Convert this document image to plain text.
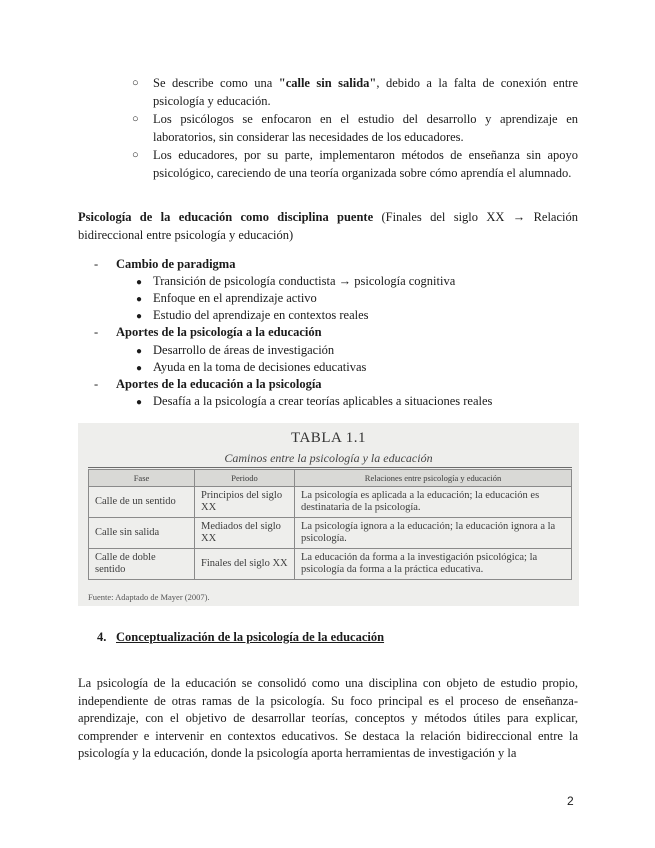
○ Se describe como una "calle sin salida", debido a la falta de conexión entre psicología y educación.
○ Los psicólogos se enfocaron en el estudio del desarrollo y aprendizaje en laboratorios, sin considerar las necesidades de los educadores.
○ Los educadores, por su parte, implementaron métodos de enseñanza sin apoyo psicológico, careciendo de una teoría organizada sobre cómo aprendía el alumnado.
Psicología de la educación como disciplina puente (Finales del siglo XX → Relación bidireccional entre psicología y educación)
- Cambio de paradigma
● Transición de psicología conductista → psicología cognitiva
● Enfoque en el aprendizaje activo
● Estudio del aprendizaje en contextos reales
- Aportes de la psicología a la educación
● Desarrollo de áreas de investigación
● Ayuda en la toma de decisiones educativas
- Aportes de la educación a la psicología
● Desafía a la psicología a crear teorías aplicables a situaciones reales
TABLA 1.1
Caminos entre la psicología y la educación
Fase	Periodo	Relaciones entre psicología y educación
Calle de un sentido	Principios del siglo XX	La psicología es aplicada a la educación; la educación es destinataria de la psicología.
Calle sin salida	Mediados del siglo XX	La psicología ignora a la educación; la educación ignora a la psicología.
Calle de doble sentido	Finales del siglo XX	La educación da forma a la investigación psicológica; la psicología da forma a la práctica educativa.
Fuente: Adaptado de Mayer (2007).
4. Conceptualización de la psicología de la educación
La psicología de la educación se consolidó como una disciplina con objeto de estudio propio, independiente de otras ramas de la psicología. Su foco principal es el proceso de enseñanza-aprendizaje, con el objetivo de desarrollar teorías, conceptos y métodos útiles para explicar, comprender e intervenir en contextos educativos. Se destaca la relación bidireccional entre la psicología y la educación, donde la psicología aporta herramientas de investigación y la
2
